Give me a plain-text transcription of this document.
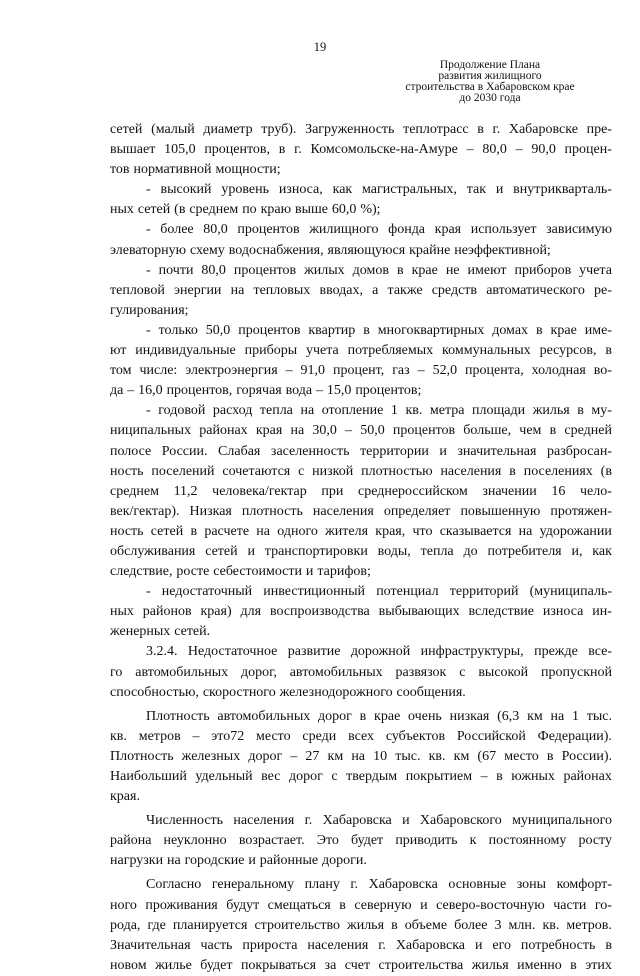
19
Продолжение Плана
развития жилищного
строительства в Хабаровском крае
до 2030 года
сетей (малый диаметр труб). Загруженность теплотрасс в г. Хабаровске пре-
вышает 105,0 процентов, в г. Комсомольске-на-Амуре – 80,0 – 90,0 процен-
тов нормативной мощности;
- высокий уровень износа, как магистральных, так и внутрикварталь-
ных сетей (в среднем по краю выше 60,0 %);
- более 80,0 процентов жилищного фонда края использует зависимую
элеваторную схему водоснабжения, являющуюся крайне неэффективной;
- почти 80,0 процентов жилых домов в крае не имеют приборов учета
тепловой энергии на тепловых вводах, а также средств автоматического ре-
гулирования;
- только 50,0 процентов квартир в многоквартирных домах в крае име-
ют индивидуальные приборы учета потребляемых коммунальных ресурсов, в
том числе: электроэнергия – 91,0 процент, газ – 52,0 процента, холодная во-
да – 16,0 процентов, горячая вода – 15,0 процентов;
- годовой расход тепла на отопление 1 кв. метра площади жилья в му-
ниципальных районах края на 30,0 – 50,0 процентов больше, чем в средней
полосе России. Слабая заселенность территории и значительная разбросан-
ность поселений сочетаются с низкой плотностью населения в поселениях (в
среднем 11,2 человека/гектар при среднероссийском значении 16 чело-
век/гектар). Низкая плотность населения определяет повышенную протяжен-
ность сетей в расчете на одного жителя края, что сказывается на удорожании
обслуживания сетей и транспортировки воды, тепла до потребителя и, как
следствие, росте себестоимости и тарифов;
- недостаточный инвестиционный потенциал территорий (муниципаль-
ных районов края) для воспроизводства выбывающих вследствие износа ин-
женерных сетей.
3.2.4. Недостаточное развитие дорожной инфраструктуры, прежде все-
го автомобильных дорог, автомобильных развязок с высокой пропускной
способностью, скоростного железнодорожного сообщения.
Плотность автомобильных дорог в крае очень низкая (6,3 км на 1 тыс.
кв. метров – это72 место среди всех субъектов Российской Федерации).
Плотность железных дорог – 27 км на 10 тыс. кв. км (67 место в России).
Наибольший удельный вес дорог с твердым покрытием – в южных районах
края.
Численность населения г. Хабаровска и Хабаровского муниципального
района неуклонно возрастает. Это будет приводить к постоянному росту
нагрузки на городские и районные дороги.
Согласно генеральному плану г. Хабаровска основные зоны комфорт-
ного проживания будут смещаться в северную и северо-восточную части го-
рода, где планируется строительство жилья в объеме более 3 млн. кв. метров.
Значительная часть прироста населения г. Хабаровска и его потребность в
новом жилье будет покрываться за счет строительства жилья именно в этих
